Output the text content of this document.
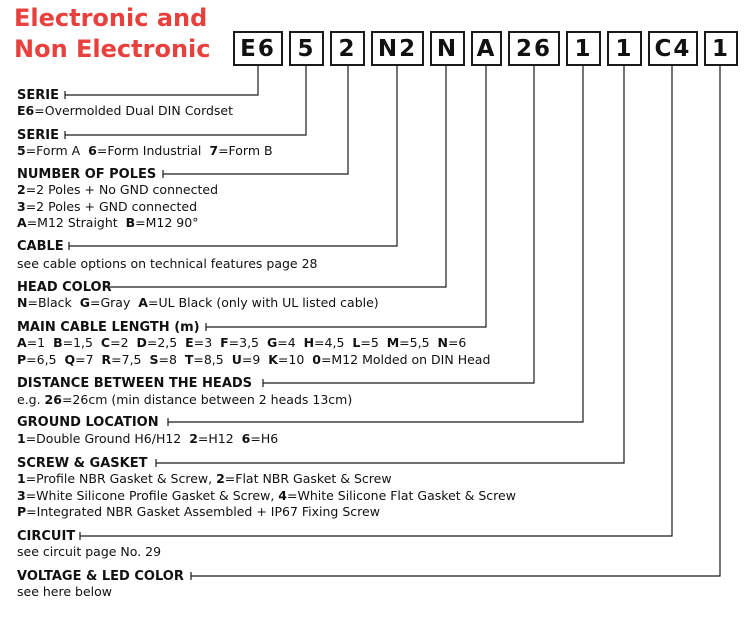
Electronic and
Non Electronic E6 5 2 N2 N A 26 1 1 C4 1
SERIE
E6=Overmolded Dual DIN Cordset
SERIE
5=Form A  6=Form Industrial  7=Form B
NUMBER OF POLES
2=2 Poles + No GND connected
3=2 Poles + GND connected
A=M12 Straight  B=M12 90°
CABLE
see cable options on technical features page 28
HEAD COLOR
N=Black  G=Gray  A=UL Black (only with UL listed cable)
MAIN CABLE LENGTH (m)
A=1  B=1,5  C=2  D=2,5  E=3  F=3,5  G=4  H=4,5  L=5  M=5,5  N=6
P=6,5  Q=7  R=7,5  S=8  T=8,5  U=9  K=10  0=M12 Molded on DIN Head
DISTANCE BETWEEN THE HEADS
e.g. 26=26cm (min distance between 2 heads 13cm)
GROUND LOCATION
1=Double Ground H6/H12  2=H12  6=H6
SCREW & GASKET
1=Profile NBR Gasket & Screw, 2=Flat NBR Gasket & Screw
3=White Silicone Profile Gasket & Screw, 4=White Silicone Flat Gasket & Screw
P=Integrated NBR Gasket Assembled + IP67 Fixing Screw
CIRCUIT
see circuit page No. 29
VOLTAGE & LED COLOR
see here below
